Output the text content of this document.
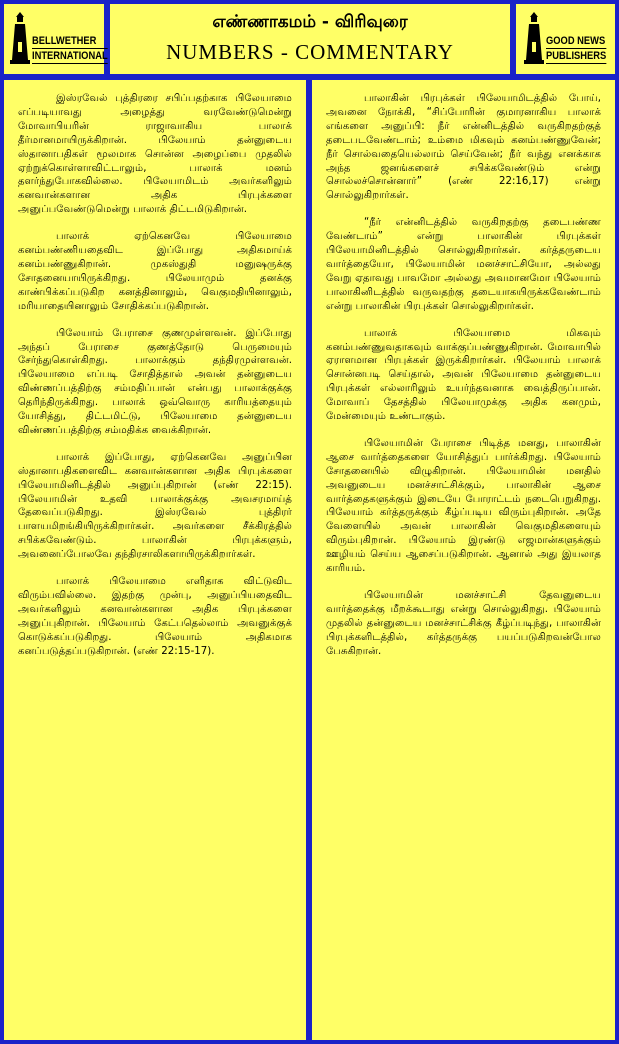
BELLWETHER
INTERNATIONAL
எண்ணாகமம் - விரிவுரை
NUMBERS - COMMENTARY	GOOD NEWS
PUBLISHERS

இஸ்ரவேல் புத்திரரை சபிப்பதற்காக பிலேயாமை எப்படியாவது அழைத்து வரவேண்டுமென்று மோவாபியரின் ராஜாவாகிய பாலாக் தீர்மானமாயிருக்கிறான். பிலேயாம் தன்னுடைய ஸ்தானாபதிகள் மூலமாக சொன்ன அழைப்பை முதலில் ஏற்றுக்கொள்ளாவிட்டாலும், பாலாக் மனம் தளர்ந்துபோகவில்லை. பிலேயாமிடம் அவர்களிலும் கனவான்களான அதிக பிரபுக்களை அனுப்பவேண்டுமென்று பாலாக் திட்டமிடுகிறான்.

பாலாக் ஏற்கெனவே பிலேயாமை கனம்பண்ணியதைவிட இப்போது அதிகமாய்க் கனம்பண்ணுகிறான். முகஸ்துதி மனுஷருக்கு சோதனையாயிருக்கிறது. பிலேயாமும் தனக்கு காண்பிக்கப்படுகிற கனத்தினாலும், வெகுமதியினாலும், மரியாதையினாலும் சோதிக்கப்படுகிறான்.

பிலேயாம் பேராசை குணமுள்ளவன். இப்போது அந்தப் பேராசை குணத்தோடு பெருமையும் சேர்ந்துகொள்கிறது. பாலாக்கும் தந்திரமுள்ளவன். பிலேயாமை எப்படி சோதித்தால் அவன் தன்னுடைய விண்ணப்பத்திற்கு சம்மதிப்பான் என்பது பாலாக்குக்கு தெரிந்திருக்கிறது. பாலாக் ஒவ்வொரு காரியத்தையும் யோசித்து, திட்டமிட்டு, பிலேயாமை தன்னுடைய விண்ணப்பத்திற்கு சம்மதிக்க வைக்கிறான்.

பாலாக் இப்போது, ஏற்கெனவே அனுப்பின ஸ்தானாபதிகளைவிட கனவான்களான அதிக பிரபுக்களை பிலேயாமினிடத்தில் அனுப்புகிறான் (எண் 22:15). பிலேயாமின் உதவி பாலாக்குக்கு அவசரமாய்த் தேவைப்படுகிறது. இஸ்ரவேல் புத்திரர் பாளயமிறங்கியிருக்கிறார்கள். அவர்களை சீக்கிரத்தில் சபிக்கவேண்டும். பாலாகின் பிரபுக்களும், அவனைப்போலவே தந்திரசாலிகளாயிருக்கிறார்கள்.

பாலாக் பிலேயாமை எளிதாக விட்டுவிட விரும்பவில்லை. இதற்கு முன்பு, அனுப்பியதைவிட அவர்களிலும் கனவான்களான அதிக பிரபுக்களை அனுப்புகிறான். பிலேயாம் கேட்பதெல்லாம் அவனுக்குக் கொடுக்கப்படுகிறது. பிலேயாம் அதிகமாக கனப்படுத்தப்படுகிறான். (எண் 22:15-17).

பாலாகின் பிரபுக்கள் பிலேயாமிடத்தில் போய், அவனை நோக்கி, “சிப்போரின் குமாரனாகிய பாலாக் எங்களை அனுப்பி: நீர் என்னிடத்தில் வருகிறதற்குத் தடைபடவேண்டாம்; உம்மை மிகவும் கனம்பண்ணுவேன்; நீர் சொல்வதையெல்லாம் செய்வேன்; நீர் வந்து எனக்காக அந்த ஜனங்களைச் சபிக்கவேண்டும் என்று சொல்லச்சொன்னார்” (எண் 22:16,17) என்று சொல்லுகிறார்கள்.

“நீர் என்னிடத்தில் வருகிறதற்கு தடைபண்ண வேண்டாம்” என்று பாலாகின் பிரபுக்கள் பிலேயாமினிடத்தில் சொல்லுகிறார்கள். கர்த்தருடைய வார்த்தையோ, பிலேயாமின் மனச்சாட்சியோ, அல்லது வேறு ஏதாவது பாவமோ அல்லது அவமானமோ பிலேயாம் பாலாகினிடத்தில் வருவதற்கு தடையாகயிருக்கவேண்டாம் என்று பாலாகின் பிரபுக்கள் சொல்லுகிறார்கள்.

பாலாக் பிலேயாமை மிகவும் கனம்பண்ணுவதாகவும் வாக்குப்பண்ணுகிறான். மோவாபில் ஏராளமான பிரபுக்கள் இருக்கிறார்கள். பிலேயாம் பாலாக் சொன்னபடி செய்தால், அவன் பிலேயாமை தன்னுடைய பிரபுக்கள் எல்லாரிலும் உயர்ந்தவனாக வைத்திருப்பான். மோவாப் தேசத்தில் பிலேயாமுக்கு அதிக கனமும், மேன்மையும் உண்டாகும்.

பிலேயாமின் பேராசை பிடித்த மனது, பாலாகின் ஆசை வார்த்தைகளை யோசித்துப் பார்க்கிறது. பிலேயாம் சோதனையில் விழுகிறான். பிலேயாமின் மனதில் அவனுடைய மனச்சாட்சிக்கும், பாலாகின் ஆசை வார்த்தைகளுக்கும் இடையே போராட்டம் நடைபெறுகிறது. பிலேயாம் கர்த்தருக்கும் கீழ்ப்படிய விரும்புகிறான். அதே வேளையில் அவன் பாலாகின் வெகுமதிகளையும் விரும்புகிறான். பிலேயாம் இரண்டு எஜமான்களுக்கும் ஊழியம் செய்ய ஆசைப்படுகிறான். ஆனால் அது இயலாத காரியம்.

பிலேயாமின் மனச்சாட்சி தேவனுடைய வார்த்தைக்கு மீறக்கூடாது என்று சொல்லுகிறது. பிலேயாம் முதலில் தன்னுடைய மனச்சாட்சிக்கு கீழ்ப்படிந்து, பாலாகின் பிரபுக்களிடத்தில், கர்த்தருக்கு பயப்படுகிறவன்போல பேசுகிறான்.
